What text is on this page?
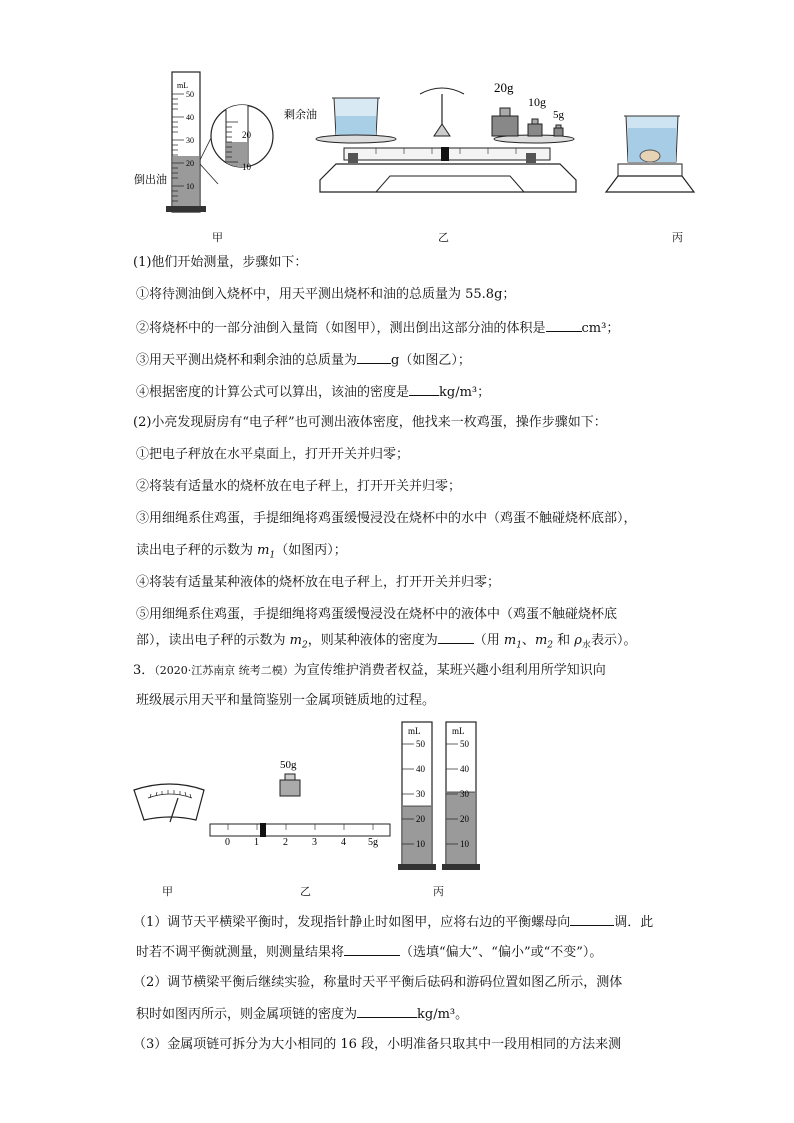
mL
50
40
30
20
10
倒出油
20
10
剩余油
20g
10g
5g
甲	乙	丙
(1)他们开始测量，步骤如下：
①将待测油倒入烧杯中，用天平测出烧杯和油的总质量为 55.8g；
②将烧杯中的一部分油倒入量筒（如图甲），测出倒出这部分油的体积是	cm³；
③用天平测出烧杯和剩余油的总质量为	g（如图乙）；
④根据密度的计算公式可以算出，该油的密度是 kg/m³；
(2)小亮发现厨房有“电子秤”也可测出液体密度，他找来一枚鸡蛋，操作步骤如下：
①把电子秤放在水平桌面上，打开开关并归零；
②将装有适量水的烧杯放在电子秤上，打开开关并归零；
③用细绳系住鸡蛋，手提细绳将鸡蛋缓慢浸没在烧杯中的水中（鸡蛋不触碰烧杯底部），
读出电子秤的示数为 $m_1$（如图丙）；
④将装有适量某种液体的烧杯放在电子秤上，打开开关并归零；
⑤用细绳系住鸡蛋，手提细绳将鸡蛋缓慢浸没在烧杯中的液体中（鸡蛋不触碰烧杯底
部），读出电子秤的示数为 $m_2$，则某种液体的密度为	（用 $m_1$、$m_2$ 和 $\rho_水$表示）。
3．（2020·江苏南京 统考二模）为宣传维护消费者权益，某班兴趣小组利用所学知识向
班级展示用天平和量筒鉴别一金属项链质地的过程。
50g
0 1 2 3 4 5g
mL
50
40
30
20
10
mL
50
40
30
20
10
甲	乙	丙
（1）调节天平横梁平衡时，发现指针静止时如图甲，应将右边的平衡螺母向	调．此
时若不调平衡就测量，则测量结果将	（选填“偏大”、“偏小”或“不变”）。
（2）调节横梁平衡后继续实验，称量时天平平衡后砝码和游码位置如图乙所示，测体
积时如图丙所示，则金属项链的密度为	kg/m³。
（3）金属项链可拆分为大小相同的 16 段，小明准备只取其中一段用相同的方法来测
